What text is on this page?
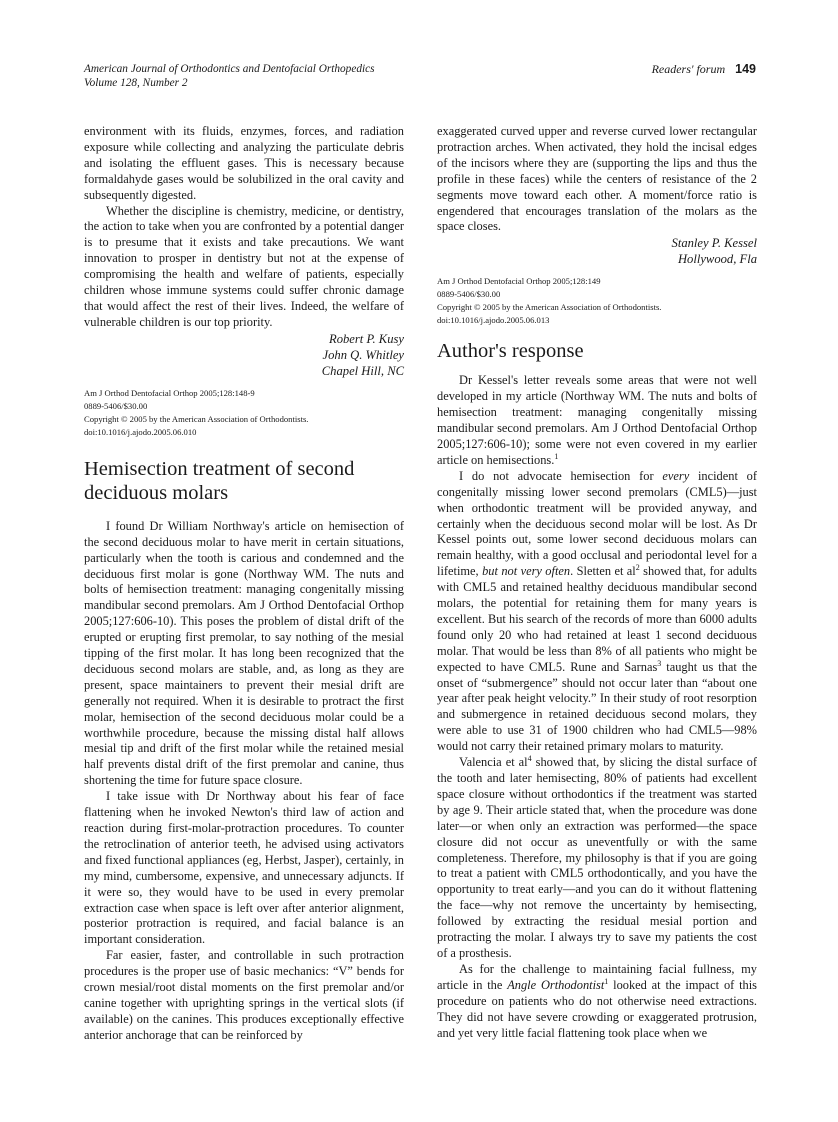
American Journal of Orthodontics and Dentofacial Orthopedics
Volume 128, Number 2
Readers' forum 149

environment with its fluids, enzymes, forces, and radiation exposure while collecting and analyzing the particulate debris and isolating the effluent gases. This is necessary because formaldahyde gases would be solubilized in the oral cavity and subsequently digested.

Whether the discipline is chemistry, medicine, or dentistry, the action to take when you are confronted by a potential danger is to presume that it exists and take precautions. We want innovation to prosper in dentistry but not at the expense of compromising the health and welfare of patients, especially children whose immune systems could suffer chronic damage that would affect the rest of their lives. Indeed, the welfare of vulnerable children is our top priority.

Robert P. Kusy
John Q. Whitley
Chapel Hill, NC
Am J Orthod Dentofacial Orthop 2005;128:148-9
0889-5406/$30.00
Copyright © 2005 by the American Association of Orthodontists.
doi:10.1016/j.ajodo.2005.06.010
Hemisection treatment of second deciduous molars

I found Dr William Northway's article on hemisection of the second deciduous molar to have merit in certain situations, particularly when the tooth is carious and condemned and the deciduous first molar is gone (Northway WM. The nuts and bolts of hemisection treatment: managing congenitally missing mandibular second premolars. Am J Orthod Dentofacial Orthop 2005;127:606-10). This poses the problem of distal drift of the erupted or erupting first premolar, to say nothing of the mesial tipping of the first molar. It has long been recognized that the deciduous second molars are stable, and, as long as they are present, space maintainers to prevent their mesial drift are generally not required. When it is desirable to protract the first molar, hemisection of the second deciduous molar could be a worthwhile procedure, because the missing distal half allows mesial tip and drift of the first molar while the retained mesial half prevents distal drift of the first premolar and canine, thus shortening the time for future space closure.

I take issue with Dr Northway about his fear of face flattening when he invoked Newton's third law of action and reaction during first-molar-protraction procedures. To counter the retroclination of anterior teeth, he advised using activators and fixed functional appliances (eg, Herbst, Jasper), certainly, in my mind, cumbersome, expensive, and unnecessary adjuncts. If it were so, they would have to be used in every premolar extraction case when space is left over after anterior alignment, posterior protraction is required, and facial balance is an important consideration.

Far easier, faster, and controllable in such protraction procedures is the proper use of basic mechanics: “V” bends for crown mesial/root distal moments on the first premolar and/or canine together with uprighting springs in the vertical slots (if available) on the canines. This produces exceptionally effective anterior anchorage that can be reinforced by

exaggerated curved upper and reverse curved lower rectangular protraction arches. When activated, they hold the incisal edges of the incisors where they are (supporting the lips and thus the profile in these faces) while the centers of resistance of the 2 segments move toward each other. A moment/force ratio is engendered that encourages translation of the molars as the space closes.

Stanley P. Kessel
Hollywood, Fla
Am J Orthod Dentofacial Orthop 2005;128:149
0889-5406/$30.00
Copyright © 2005 by the American Association of Orthodontists.
doi:10.1016/j.ajodo.2005.06.013
Author's response

Dr Kessel's letter reveals some areas that were not well developed in my article (Northway WM. The nuts and bolts of hemisection treatment: managing congenitally missing mandibular second premolars. Am J Orthod Dentofacial Orthop 2005;127:606-10); some were not even covered in my earlier article on hemisections.$^1$

I do not advocate hemisection for every incident of congenitally missing lower second premolars (CML5)—just when orthodontic treatment will be provided anyway, and certainly when the deciduous second molar will be lost. As Dr Kessel points out, some lower second deciduous molars can remain healthy, with a good occlusal and periodontal level for a lifetime, but not very often. Sletten et $al^2$ showed that, for adults with CML5 and retained healthy deciduous mandibular second molars, the potential for retaining them for many years is excellent. But his search of the records of more than 6000 adults found only 20 who had retained at least 1 second deciduous molar. That would be less than 8% of all patients who might be expected to have CML5. Rune and Sarnas$^3$ taught us that the onset of “submergence” should not occur later than “about one year after peak height velocity.” In their study of root resorption and submergence in retained deciduous second molars, they were able to use 31 of 1900 children who had CML5—98% would not carry their retained primary molars to maturity.

Valencia et $al^4$ showed that, by slicing the distal surface of the tooth and later hemisecting, 80% of patients had excellent space closure without orthodontics if the treatment was started by age 9. Their article stated that, when the procedure was done later—or when only an extraction was performed—the space closure did not occur as uneventfully or with the same completeness. Therefore, my philosophy is that if you are going to treat a patient with CML5 orthodontically, and you have the opportunity to treat early—and you can do it without flattening the face—why not remove the uncertainty by hemisecting, followed by extracting the residual mesial portion and protracting the molar. I always try to save my patients the cost of a prosthesis.

As for the challenge to maintaining facial fullness, my article in the Angle Orthodontist$^1$ looked at the impact of this procedure on patients who do not otherwise need extractions. They did not have severe crowding or exaggerated protrusion, and yet very little facial flattening took place when we
